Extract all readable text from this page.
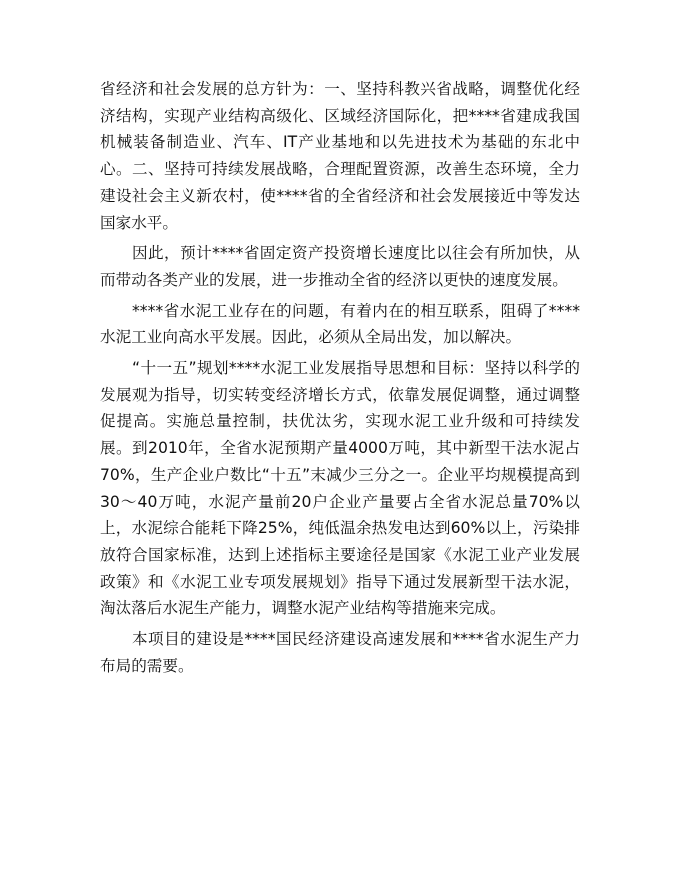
省经济和社会发展的总方针为：一、坚持科教兴省战略，调整优化经济结构，实现产业结构高级化、区域经济国际化，把****省建成我国机械装备制造业、汽车、IT产业基地和以先进技术为基础的东北中心。二、坚持可持续发展战略，合理配置资源，改善生态环境，全力建设社会主义新农村，使****省的全省经济和社会发展接近中等发达国家水平。

因此，预计****省固定资产投资增长速度比以往会有所加快，从而带动各类产业的发展，进一步推动全省的经济以更快的速度发展。

****省水泥工业存在的问题，有着内在的相互联系，阻碍了****水泥工业向高水平发展。因此，必须从全局出发，加以解决。

“十一五”规划****水泥工业发展指导思想和目标：坚持以科学的发展观为指导，切实转变经济增长方式，依靠发展促调整，通过调整促提高。实施总量控制，扶优汰劣，实现水泥工业升级和可持续发展。到2010年，全省水泥预期产量4000万吨，其中新型干法水泥占70%，生产企业户数比“十五”末减少三分之一。企业平均规模提高到30～40万吨，水泥产量前20户企业产量要占全省水泥总量70%以上，水泥综合能耗下降25%，纯低温余热发电达到60%以上，污染排放符合国家标准，达到上述指标主要途径是国家《水泥工业产业发展政策》和《水泥工业专项发展规划》指导下通过发展新型干法水泥，淘汰落后水泥生产能力，调整水泥产业结构等措施来完成。

本项目的建设是****国民经济建设高速发展和****省水泥生产力布局的需要。
